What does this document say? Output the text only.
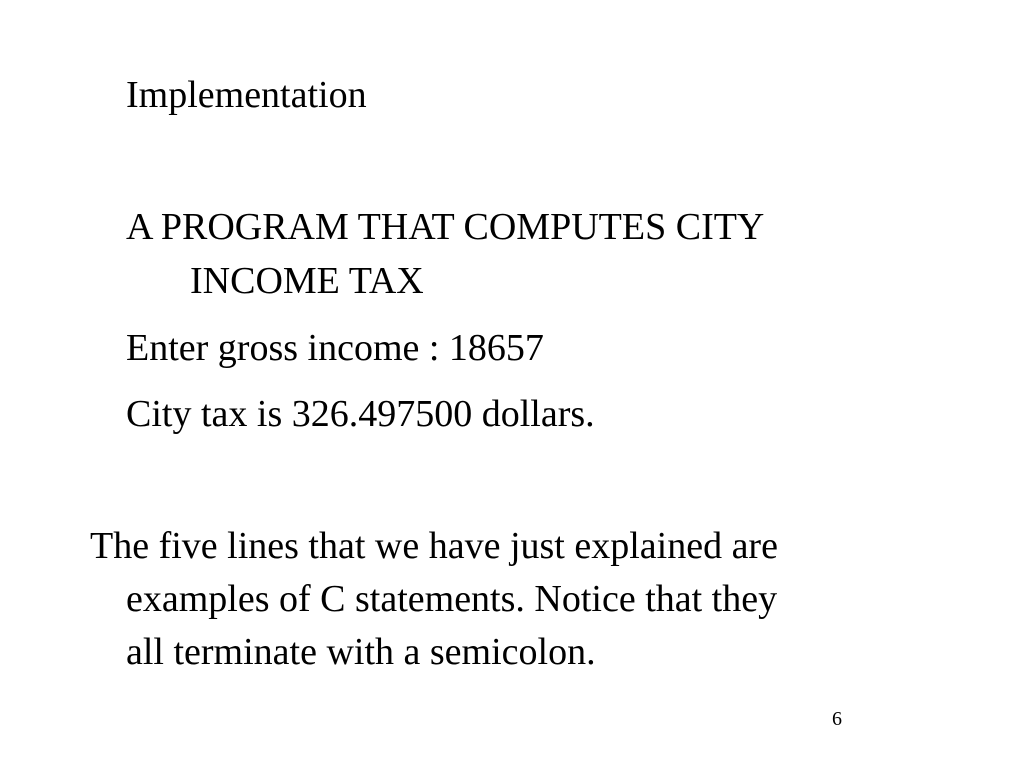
Implementation

A PROGRAM THAT COMPUTES CITY

INCOME TAX

Enter gross income : 18657

City tax is 326.497500 dollars.

The five lines that we have just explained are
examples of C statements. Notice that they
all terminate with a semicolon.
6
